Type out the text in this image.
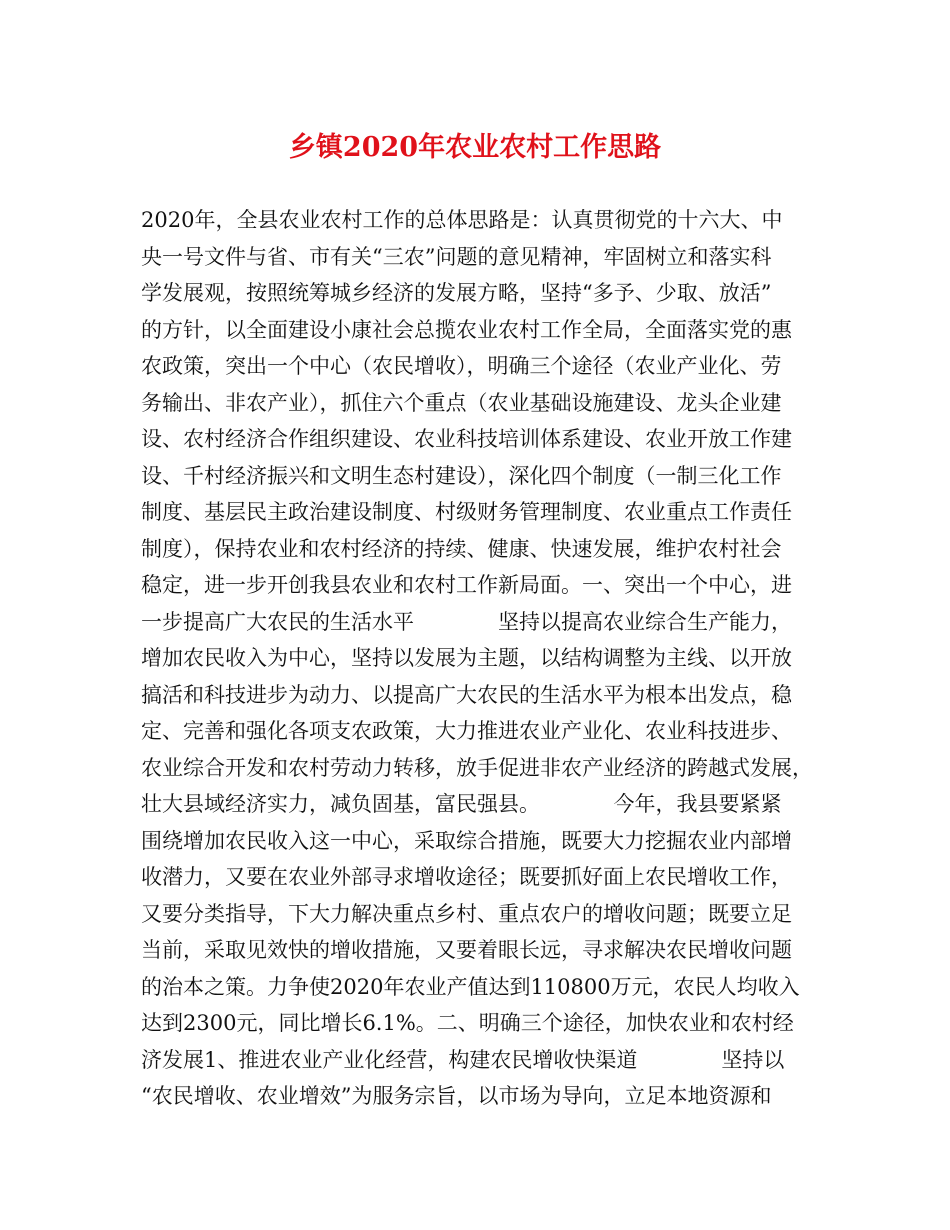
乡镇2020年农业农村工作思路
2020年，全县农业农村工作的总体思路是：认真贯彻党的十六大、中
央一号文件与省、市有关“三农”问题的意见精神，牢固树立和落实科
学发展观，按照统筹城乡经济的发展方略，坚持“多予、少取、放活”
的方针，以全面建设小康社会总揽农业农村工作全局，全面落实党的惠
农政策，突出一个中心（农民增收），明确三个途径（农业产业化、劳
务输出、非农产业），抓住六个重点（农业基础设施建设、龙头企业建
设、农村经济合作组织建设、农业科技培训体系建设、农业开放工作建
设、千村经济振兴和文明生态村建设），深化四个制度（一制三化工作
制度、基层民主政治建设制度、村级财务管理制度、农业重点工作责任
制度），保持农业和农村经济的持续、健康、快速发展，维护农村社会
稳定，进一步开创我县农业和农村工作新局面。一、突出一个中心，进
一步提高广大农民的生活水平　　　　坚持以提高农业综合生产能力，
增加农民收入为中心，坚持以发展为主题，以结构调整为主线、以开放
搞活和科技进步为动力、以提高广大农民的生活水平为根本出发点，稳
定、完善和强化各项支农政策，大力推进农业产业化、农业科技进步、
农业综合开发和农村劳动力转移，放手促进非农产业经济的跨越式发展，
壮大县域经济实力，减负固基，富民强县。　　　　今年，我县要紧紧
围绕增加农民收入这一中心，采取综合措施，既要大力挖掘农业内部增
收潜力，又要在农业外部寻求增收途径；既要抓好面上农民增收工作，
又要分类指导，下大力解决重点乡村、重点农户的增收问题；既要立足
当前，采取见效快的增收措施，又要着眼长远，寻求解决农民增收问题
的治本之策。力争使2020年农业产值达到110800万元，农民人均收入
达到2300元，同比增长6.1%。二、明确三个途径，加快农业和农村经
济发展1、推进农业产业化经营，构建农民增收快渠道　　　　坚持以
“农民增收、农业增效”为服务宗旨，以市场为导向，立足本地资源和
